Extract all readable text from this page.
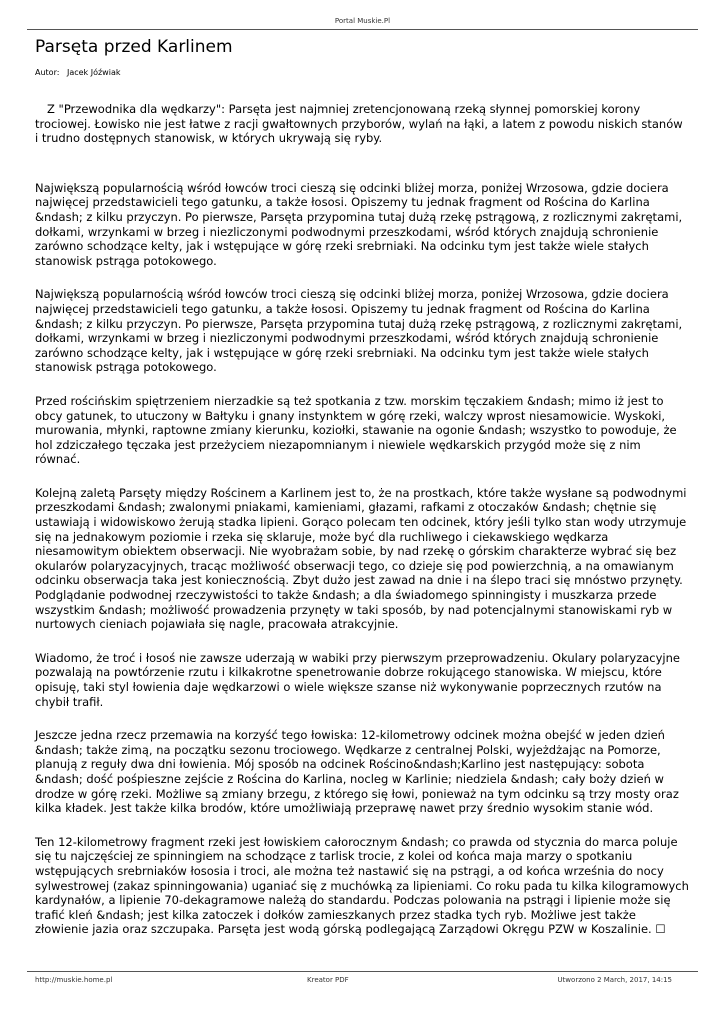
Portal Muskie.Pl
Parsęta przed Karlinem
Autor: Jacek Jóźwiak

Z "Przewodnika dla wędkarzy": Parsęta jest najmniej zretencjonowaną rzeką słynnej pomorskiej korony trociowej. Łowisko nie jest łatwe z racji gwałtownych przyborów, wylań na łąki, a latem z powodu niskich stanów i trudno dostępnych stanowisk, w których ukrywają się ryby.

Największą popularnością wśród łowców troci cieszą się odcinki bliżej morza, poniżej Wrzosowa, gdzie dociera najwięcej przedstawicieli tego gatunku, a także łososi. Opiszemy tu jednak fragment od Rościna do Karlina &ndash; z kilku przyczyn. Po pierwsze, Parsęta przypomina tutaj dużą rzekę pstrągową, z rozlicznymi zakrętami, dołkami, wrzynkami w brzeg i niezliczonymi podwodnymi przeszkodami, wśród których znajdują schronienie zarówno schodzące kelty, jak i wstępujące w górę rzeki srebrniaki. Na odcinku tym jest także wiele stałych stanowisk pstrąga potokowego.

Największą popularnością wśród łowców troci cieszą się odcinki bliżej morza, poniżej Wrzosowa, gdzie dociera najwięcej przedstawicieli tego gatunku, a także łososi. Opiszemy tu jednak fragment od Rościna do Karlina &ndash; z kilku przyczyn. Po pierwsze, Parsęta przypomina tutaj dużą rzekę pstrągową, z rozlicznymi zakrętami, dołkami, wrzynkami w brzeg i niezliczonymi podwodnymi przeszkodami, wśród których znajdują schronienie zarówno schodzące kelty, jak i wstępujące w górę rzeki srebrniaki. Na odcinku tym jest także wiele stałych stanowisk pstrąga potokowego.

Przed rościńskim spiętrzeniem nierzadkie są też spotkania z tzw. morskim tęczakiem &ndash; mimo iż jest to obcy gatunek, to utuczony w Bałtyku i gnany instynktem w górę rzeki, walczy wprost niesamowicie. Wyskoki, murowania, młynki, raptowne zmiany kierunku, koziołki, stawanie na ogonie &ndash; wszystko to powoduje, że hol zdziczałego tęczaka jest przeżyciem niezapomnianym i niewiele wędkarskich przygód może się z nim równać.

Kolejną zaletą Parsęty między Rościnem a Karlinem jest to, że na prostkach, które także wysłane są podwodnymi przeszkodami &ndash; zwalonymi pniakami, kamieniami, głazami, rafkami z otoczaków &ndash; chętnie się ustawiają i widowiskowo żerują stadka lipieni. Gorąco polecam ten odcinek, który jeśli tylko stan wody utrzymuje się na jednakowym poziomie i rzeka się sklaruje, może być dla ruchliwego i ciekawskiego wędkarza niesamowitym obiektem obserwacji. Nie wyobrażam sobie, by nad rzekę o górskim charakterze wybrać się bez okularów polaryzacyjnych, tracąc możliwość obserwacji tego, co dzieje się pod powierzchnią, a na omawianym odcinku obserwacja taka jest koniecznością. Zbyt dużo jest zawad na dnie i na ślepo traci się mnóstwo przynęty. Podglądanie podwodnej rzeczywistości to także &ndash; a dla świadomego spinningisty i muszkarza przede wszystkim &ndash; możliwość prowadzenia przynęty w taki sposób, by nad potencjalnymi stanowiskami ryb w nurtowych cieniach pojawiała się nagle, pracowała atrakcyjnie.

Wiadomo, że troć i łosoś nie zawsze uderzają w wabiki przy pierwszym przeprowadzeniu. Okulary polaryzacyjne pozwalają na powtórzenie rzutu i kilkakrotne spenetrowanie dobrze rokującego stanowiska. W miejscu, które opisuję, taki styl łowienia daje wędkarzowi o wiele większe szanse niż wykonywanie poprzecznych rzutów na chybił trafił.

Jeszcze jedna rzecz przemawia na korzyść tego łowiska: 12-kilometrowy odcinek można obejść w jeden dzień &ndash; także zimą, na początku sezonu trociowego. Wędkarze z centralnej Polski, wyjeżdżając na Pomorze, planują z reguły dwa dni łowienia. Mój sposób na odcinek Rościno&ndash;Karlino jest następujący: sobota &ndash; dość pośpieszne zejście z Rościna do Karlina, nocleg w Karlinie; niedziela &ndash; cały boży dzień w drodze w górę rzeki. Możliwe są zmiany brzegu, z którego się łowi, ponieważ na tym odcinku są trzy mosty oraz kilka kładek. Jest także kilka brodów, które umożliwiają przeprawę nawet przy średnio wysokim stanie wód.

Ten 12-kilometrowy fragment rzeki jest łowiskiem całorocznym &ndash; co prawda od stycznia do marca poluje się tu najczęściej ze spinningiem na schodzące z tarlisk trocie, z kolei od końca maja marzy o spotkaniu wstępujących srebrniaków łososia i troci, ale można też nastawić się na pstrągi, a od końca września do nocy sylwestrowej (zakaz spinningowania) uganiać się z muchówką za lipieniami. Co roku pada tu kilka kilogramowych kardynałów, a lipienie 70-dekagramowe należą do standardu. Podczas polowania na pstrągi i lipienie może się trafić kleń &ndash; jest kilka zatoczek i dołków zamieszkanych przez stadka tych ryb. Możliwe jest także złowienie jazia oraz szczupaka. Parsęta jest wodą górską podlegającą Zarządowi Okręgu PZW w Koszalinie. ☐

http://muskie.home.pl	Kreator PDF	Utworzono 2 March, 2017, 14:15
